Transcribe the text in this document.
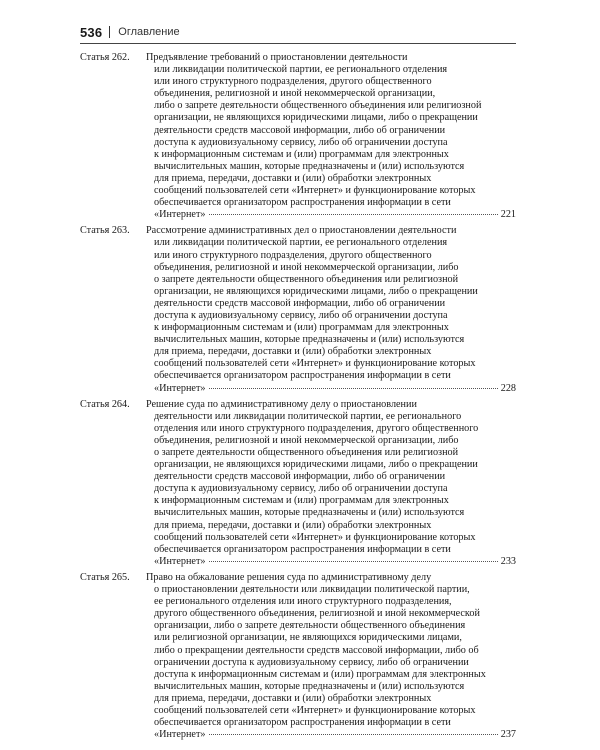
536 Оглавление
Статья 262.	Предъявление требований о приостановлении деятельности
или ликвидации политической партии, ее регионального отделения
или иного структурного подразделения, другого общественного
объединения, религиозной и иной некоммерческой организации,
либо о запрете деятельности общественного объединения или религиозной
организации, не являющихся юридическими лицами, либо о прекращении
деятельности средств массовой информации, либо об ограничении
доступа к аудиовизуальному сервису, либо об ограничении доступа
к информационным системам и (или) программам для электронных
вычислительных машин, которые предназначены и (или) используются
для приема, передачи, доставки и (или) обработки электронных
сообщений пользователей сети «Интернет» и функционирование которых
обеспечивается организатором распространения информации в сети
«Интернет»	221
Статья 263.	Рассмотрение административных дел о приостановлении деятельности
или ликвидации политической партии, ее регионального отделения
или иного структурного подразделения, другого общественного
объединения, религиозной и иной некоммерческой организации, либо
о запрете деятельности общественного объединения или религиозной
организации, не являющихся юридическими лицами, либо о прекращении
деятельности средств массовой информации, либо об ограничении
доступа к аудиовизуальному сервису, либо об ограничении доступа
к информационным системам и (или) программам для электронных
вычислительных машин, которые предназначены и (или) используются
для приема, передачи, доставки и (или) обработки электронных
сообщений пользователей сети «Интернет» и функционирование которых
обеспечивается организатором распространения информации в сети
«Интернет»	228
Статья 264.	Решение суда по административному делу о приостановлении
деятельности или ликвидации политической партии, ее регионального
отделения или иного структурного подразделения, другого общественного
объединения, религиозной и иной некоммерческой организации, либо
о запрете деятельности общественного объединения или религиозной
организации, не являющихся юридическими лицами, либо о прекращении
деятельности средств массовой информации, либо об ограничении
доступа к аудиовизуальному сервису, либо об ограничении доступа
к информационным системам и (или) программам для электронных
вычислительных машин, которые предназначены и (или) используются
для приема, передачи, доставки и (или) обработки электронных
сообщений пользователей сети «Интернет» и функционирование которых
обеспечивается организатором распространения информации в сети
«Интернет»	233
Статья 265.	Право на обжалование решения суда по административному делу
о приостановлении деятельности или ликвидации политической партии,
ее регионального отделения или иного структурного подразделения,
другого общественного объединения, религиозной и иной некоммерческой
организации, либо о запрете деятельности общественного объединения
или религиозной организации, не являющихся юридическими лицами,
либо о прекращении деятельности средств массовой информации, либо об
ограничении доступа к аудиовизуальному сервису, либо об ограничении
доступа к информационным системам и (или) программам для электронных
вычислительных машин, которые предназначены и (или) используются
для приема, передачи, доставки и (или) обработки электронных
сообщений пользователей сети «Интернет» и функционирование которых
обеспечивается организатором распространения информации в сети
«Интернет»	237
